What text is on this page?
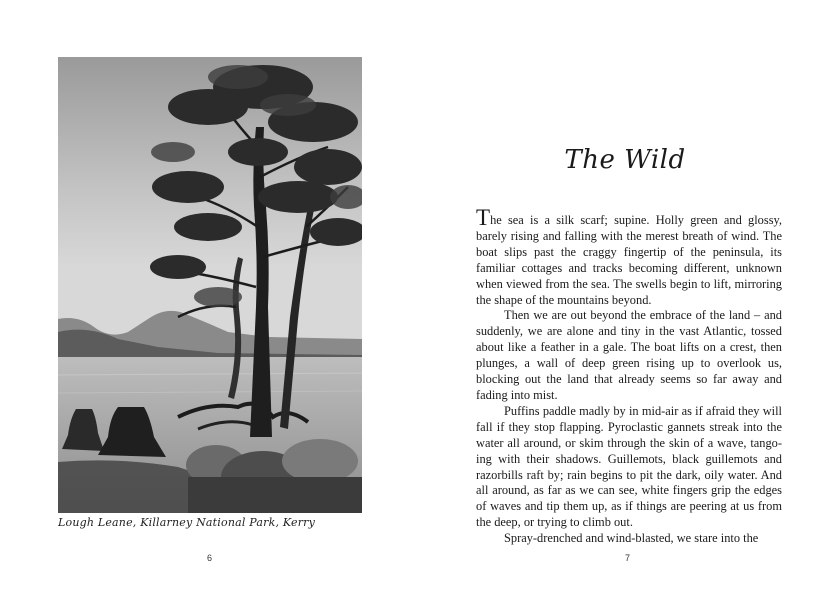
Lough Leane, Killarney National Park, Kerry
6
The Wild

The sea is a silk scarf; supine. Holly green and glossy, barely rising and falling with the merest breath of wind. The boat slips past the craggy fingertip of the peninsula, its familiar cottages and tracks becoming different, unknown when viewed from the sea. The swells begin to lift, mirroring the shape of the mountains beyond.

Then we are out beyond the embrace of the land – and suddenly, we are alone and tiny in the vast Atlantic, tossed about like a feather in a gale. The boat lifts on a crest, then plunges, a wall of deep green rising up to overlook us, blocking out the land that already seems so far away and fading into mist.

Puffins paddle madly by in mid-air as if afraid they will fall if they stop flapping. Pyroclastic gannets streak into the water all around, or skim through the skin of a wave, tango-ing with their shadows. Guillemots, black guillemots and razorbills raft by; rain begins to pit the dark, oily water. And all around, as far as we can see, white fingers grip the edges of waves and tip them up, as if things are peering at us from the deep, or trying to climb out.

Spray-drenched and wind-blasted, we stare into the

7
